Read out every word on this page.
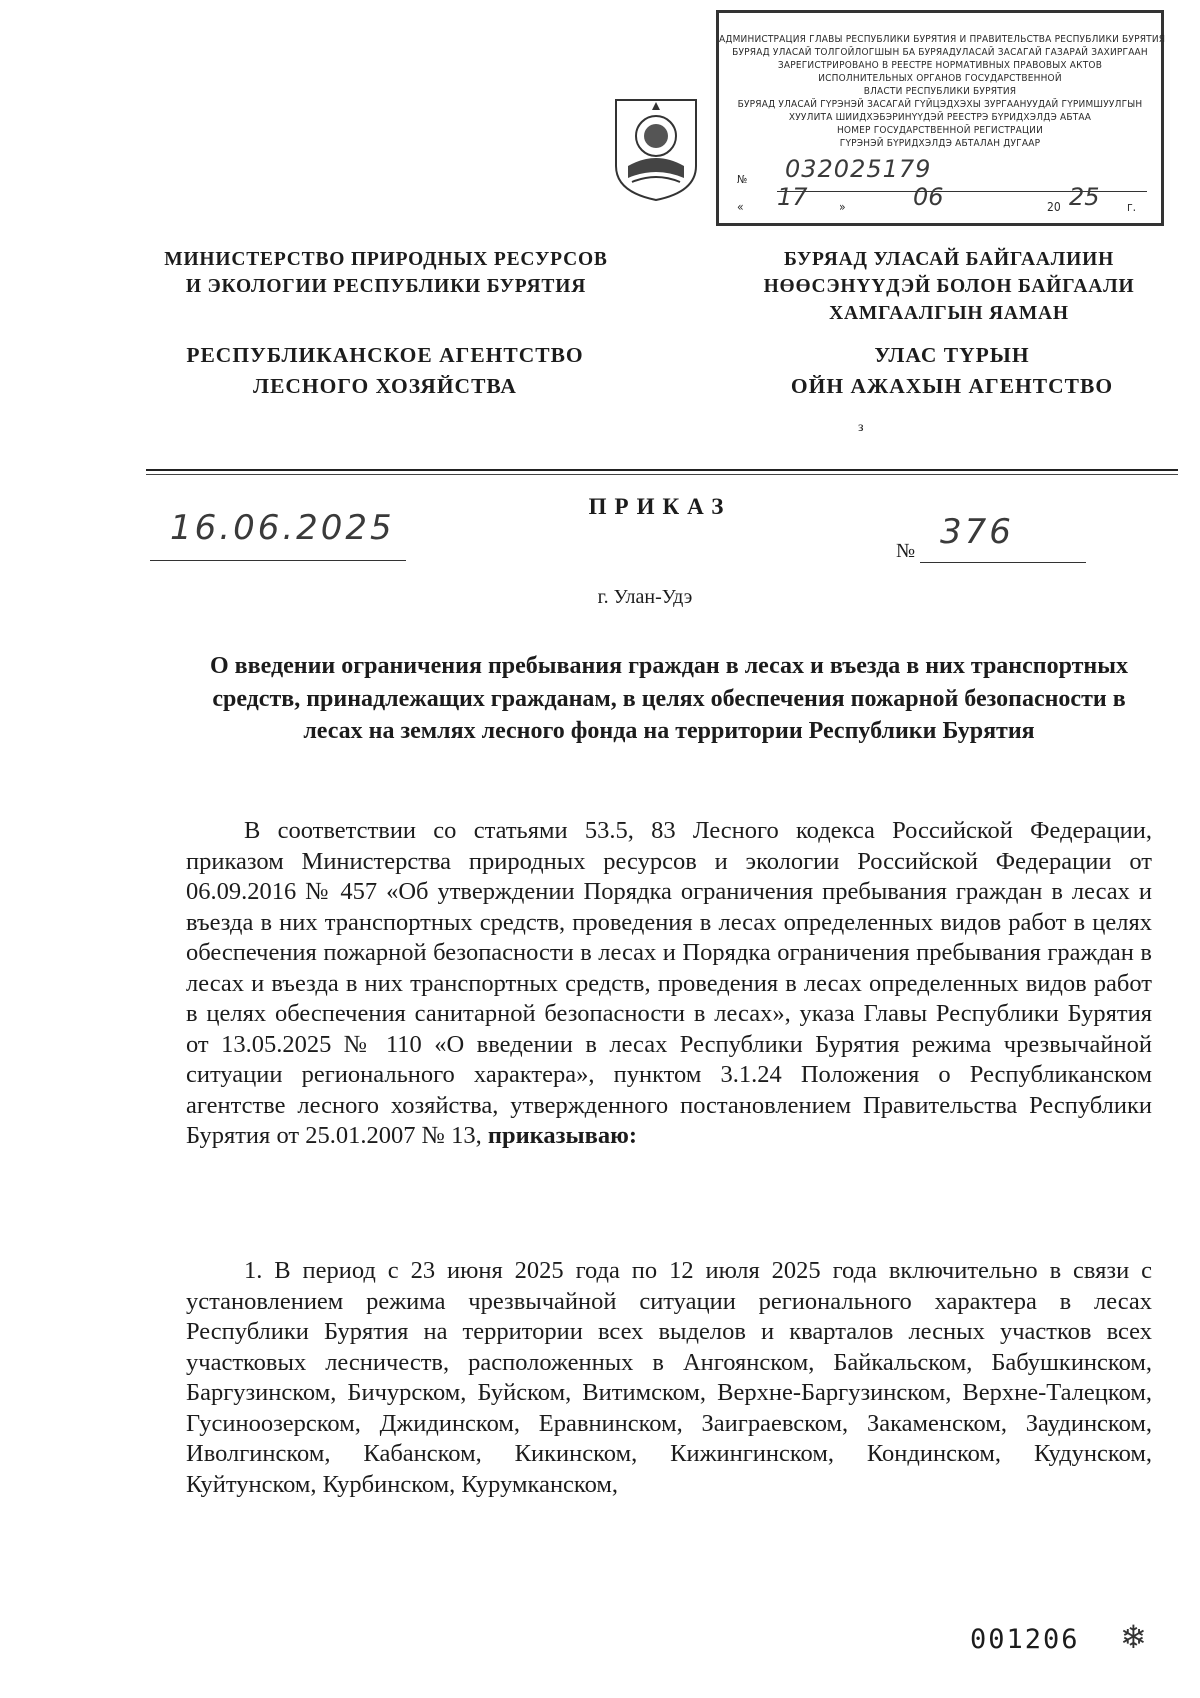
АДМИНИСТРАЦИЯ ГЛАВЫ РЕСПУБЛИКИ БУРЯТИЯ И ПРАВИТЕЛЬСТВА РЕСПУБЛИКИ БУРЯТИЯ
БУРЯАД УЛАСАЙ ТОЛГОЙЛОГШЫН БА БУРЯАДУЛАСАЙ ЗАСАГАЙ ГАЗАРАЙ ЗАХИРГААН
ЗАРЕГИСТРИРОВАНО В РЕЕСТРЕ НОРМАТИВНЫХ ПРАВОВЫХ АКТОВ
ИСПОЛНИТЕЛЬНЫХ ОРГАНОВ ГОСУДАРСТВЕННОЙ
ВЛАСТИ РЕСПУБЛИКИ БУРЯТИЯ
БУРЯАД УЛАСАЙ ГҮРЭНЭЙ ЗАСАГАЙ ГҮЙЦЭДХЭХЫ ЗУРГААНУУДАЙ ГҮРИМШУУЛГЫН
ХУУЛИТА ШИИДХЭБЭРИНҮҮДЭЙ РЕЕСТРЭ БҮРИДХЭЛДЭ АБТАА
НОМЕР ГОСУДАРСТВЕННОЙ РЕГИСТРАЦИИ
ГҮРЭНЭЙ БҮРИДХЭЛДЭ АБТАЛАН ДУГААР
№ 032025179
« 17	»	06	20 25 г.
МИНИСТЕРСТВО ПРИРОДНЫХ РЕСУРСОВ
И ЭКОЛОГИИ РЕСПУБЛИКИ БУРЯТИЯ
БУРЯАД УЛАСАЙ БАЙГААЛИИН
НӨӨСЭНҮҮДЭЙ БОЛОН БАЙГААЛИ
ХАМГААЛГЫН ЯАМАН
РЕСПУБЛИКАНСКОЕ АГЕНТСТВО
ЛЕСНОГО ХОЗЯЙСТВА
УЛАС ТҮРЫН
ОЙН АЖАХЫН АГЕНТСТВО
з
ПРИКАЗ
16.06.2025
№ 376
г. Улан-Удэ
О введении ограничения пребывания граждан в лесах и въезда в них транспортных средств, принадлежащих гражданам, в целях обеспечения пожарной безопасности в лесах на землях лесного фонда на территории Республики Бурятия
В соответствии со статьями 53.5, 83 Лесного кодекса Российской Федерации, приказом Министерства природных ресурсов и экологии Российской Федерации от 06.09.2016 № 457 «Об утверждении Порядка ограничения пребывания граждан в лесах и въезда в них транспортных средств, проведения в лесах определенных видов работ в целях обеспечения пожарной безопасности в лесах и Порядка ограничения пребывания граждан в лесах и въезда в них транспортных средств, проведения в лесах определенных видов работ в целях обеспечения санитарной безопасности в лесах», указа Главы Республики Бурятия от 13.05.2025 № 110 «О введении в лесах Республики Бурятия режима чрезвычайной ситуации регионального характера», пунктом 3.1.24 Положения о Республиканском агентстве лесного хозяйства, утвержденного постановлением Правительства Республики Бурятия от 25.01.2007 № 13, приказываю:
1. В период с 23 июня 2025 года по 12 июля 2025 года включительно в связи с установлением режима чрезвычайной ситуации регионального характера в лесах Республики Бурятия на территории всех выделов и кварталов лесных участков всех участковых лесничеств, расположенных в Ангоянском, Байкальском, Бабушкинском, Баргузинском, Бичурском, Буйском, Витимском, Верхне-Баргузинском, Верхне-Талецком, Гусиноозерском, Джидинском, Еравнинском, Заиграевском, Закаменском, Заудинском, Иволгинском, Кабанском, Кикинском, Кижингинском, Кондинском, Кудунском, Куйтунском, Курбинском, Курумканском,
001206 ❄
